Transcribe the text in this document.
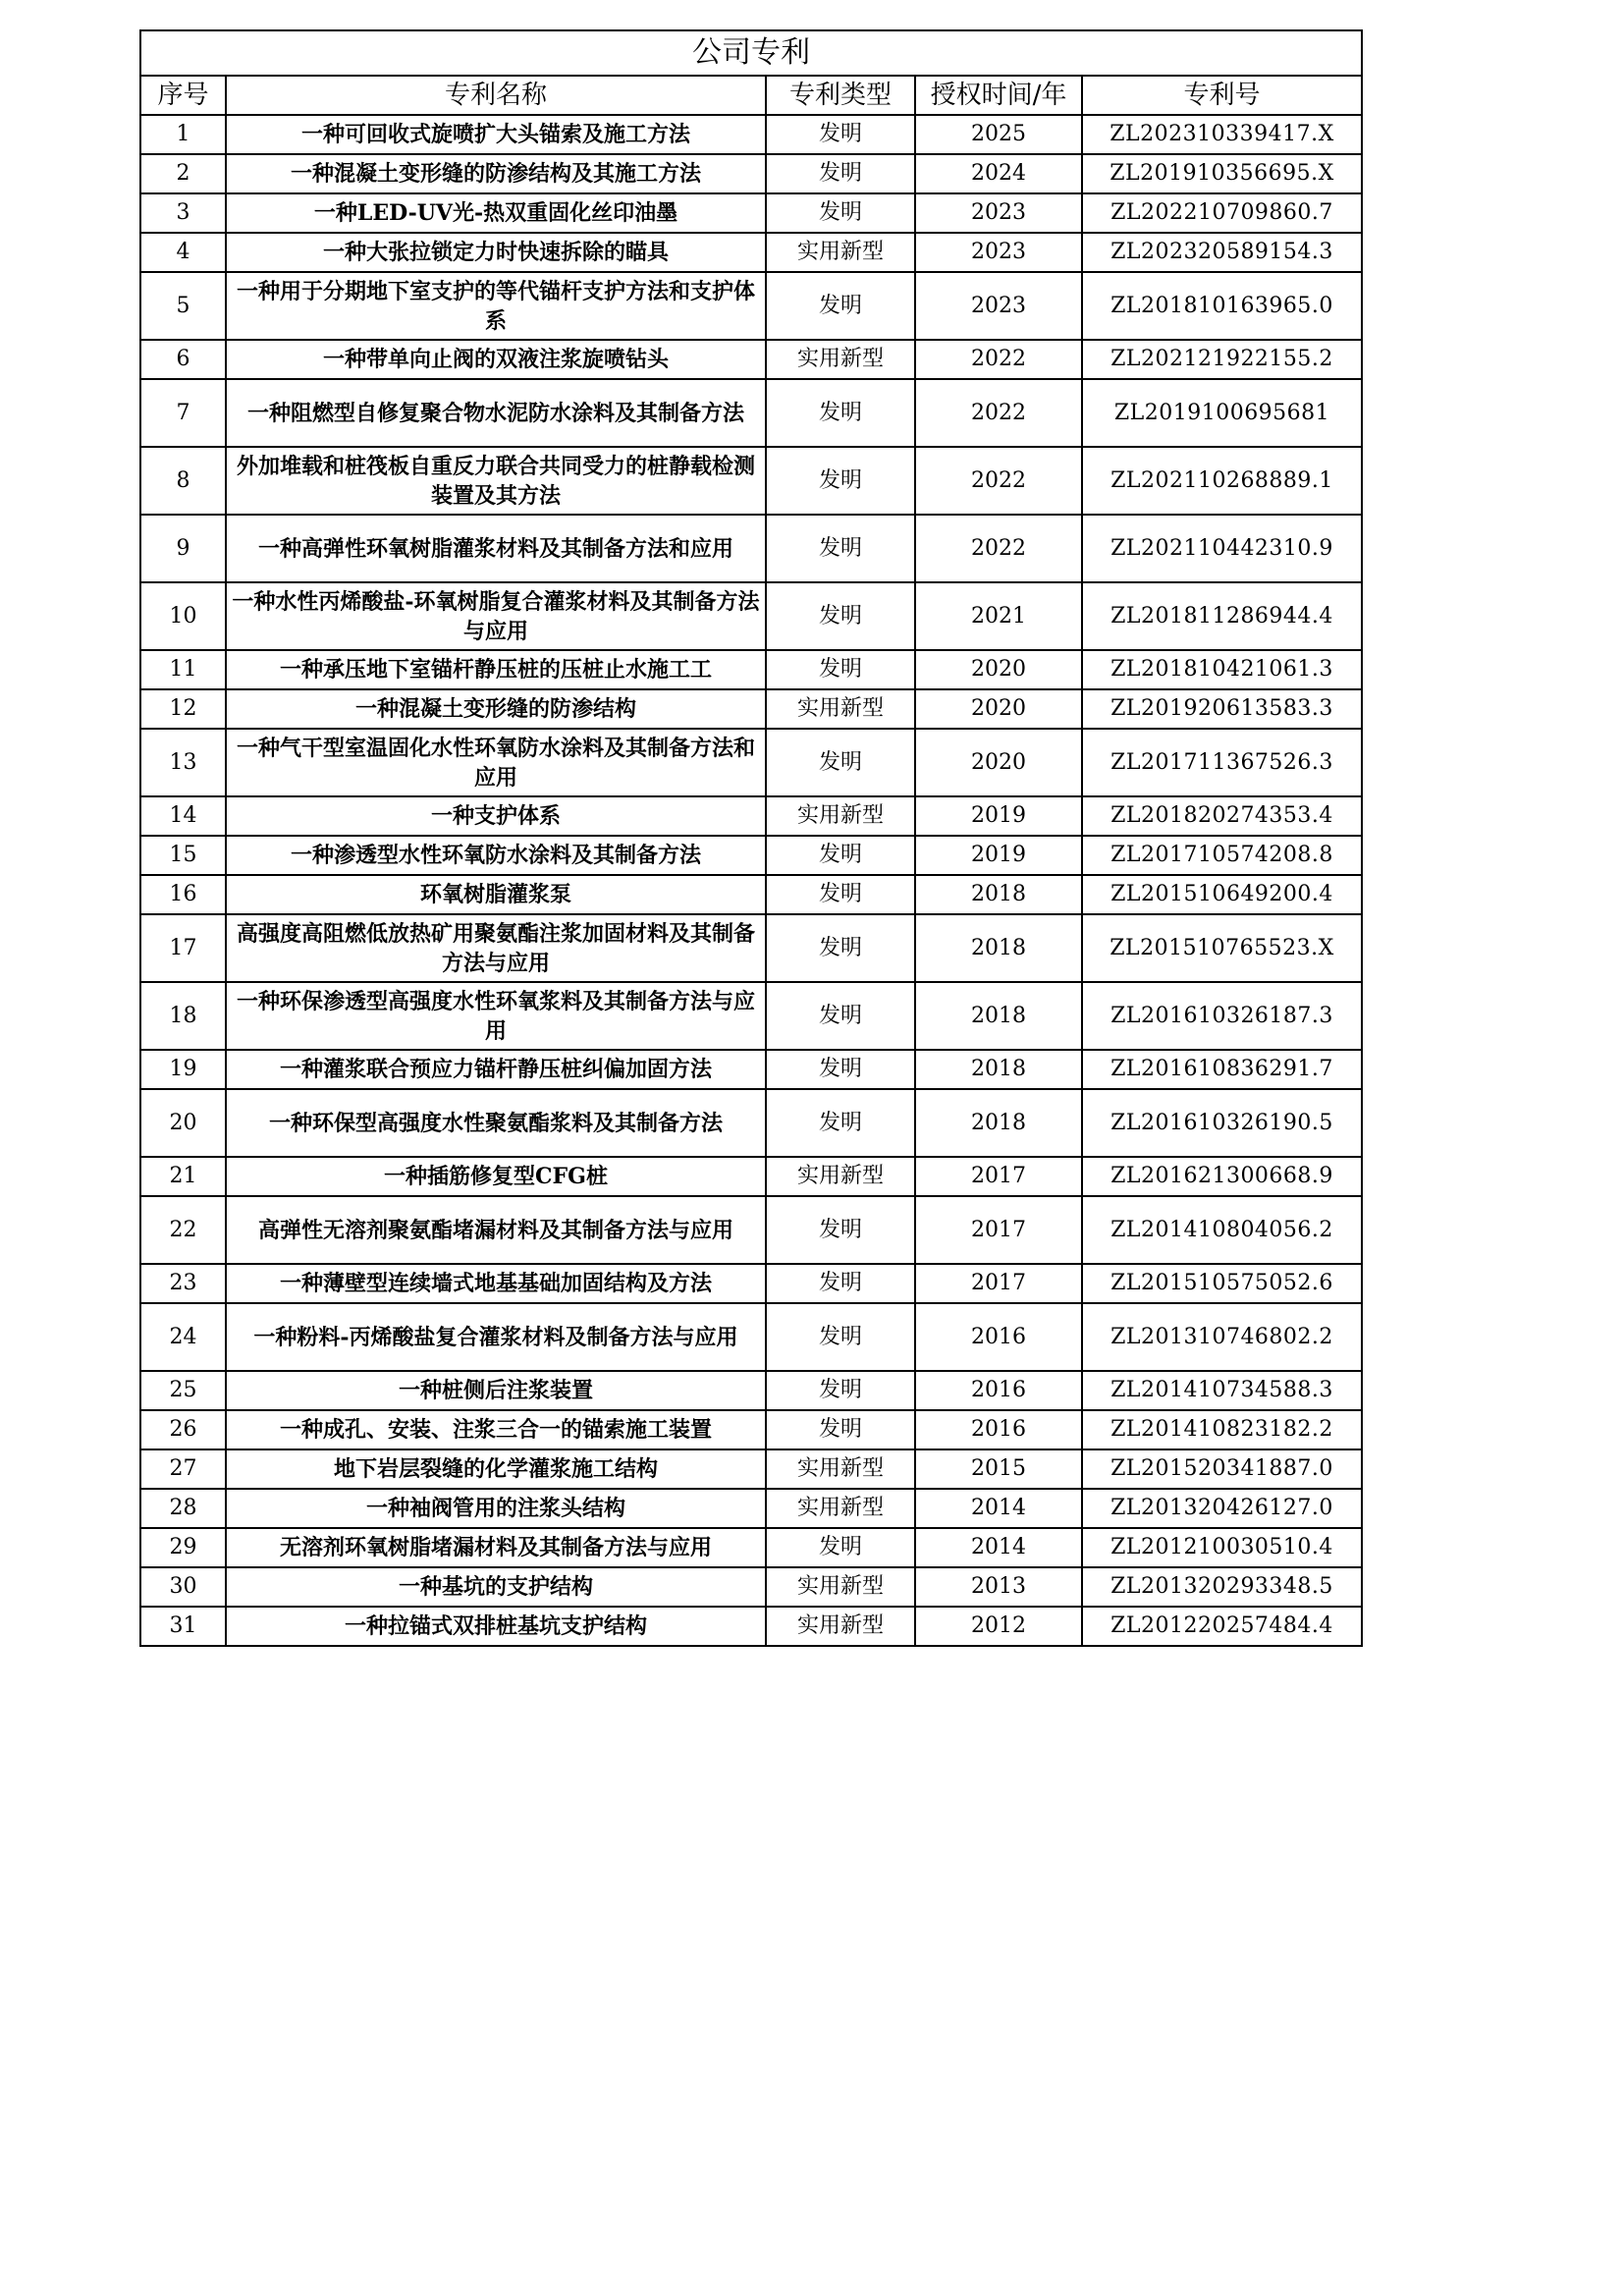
公司专利				
序号	专利名称	专利类型	授权时间/年	专利号
1	一种可回收式旋喷扩大头锚索及施工方法	发明	2025	ZL202310339417.X
2	一种混凝土变形缝的防渗结构及其施工方法	发明	2024	ZL201910356695.X
3	一种LED-UV光-热双重固化丝印油墨	发明	2023	ZL202210709860.7
4	一种大张拉锁定力时快速拆除的瞄具	实用新型	2023	ZL202320589154.3
5	一种用于分期地下室支护的等代锚杆支护方法和支护体系	发明	2023	ZL201810163965.0
6	一种带单向止阀的双液注浆旋喷钻头	实用新型	2022	ZL202121922155.2
7	一种阻燃型自修复聚合物水泥防水涂料及其制备方法	发明	2022	ZL2019100695681
8	外加堆载和桩筏板自重反力联合共同受力的桩静载检测装置及其方法	发明	2022	ZL202110268889.1
9	一种高弹性环氧树脂灌浆材料及其制备方法和应用	发明	2022	ZL202110442310.9
10	一种水性丙烯酸盐-环氧树脂复合灌浆材料及其制备方法与应用	发明	2021	ZL201811286944.4
11	一种承压地下室锚杆静压桩的压桩止水施工工	发明	2020	ZL201810421061.3
12	一种混凝土变形缝的防渗结构	实用新型	2020	ZL201920613583.3
13	一种气干型室温固化水性环氧防水涂料及其制备方法和应用	发明	2020	ZL201711367526.3
14	一种支护体系	实用新型	2019	ZL201820274353.4
15	一种渗透型水性环氧防水涂料及其制备方法	发明	2019	ZL201710574208.8
16	环氧树脂灌浆泵	发明	2018	ZL201510649200.4
17	高强度高阻燃低放热矿用聚氨酯注浆加固材料及其制备方法与应用	发明	2018	ZL201510765523.X
18	一种环保渗透型高强度水性环氧浆料及其制备方法与应用	发明	2018	ZL201610326187.3
19	一种灌浆联合预应力锚杆静压桩纠偏加固方法	发明	2018	ZL201610836291.7
20	一种环保型高强度水性聚氨酯浆料及其制备方法	发明	2018	ZL201610326190.5
21	一种插筋修复型CFG桩	实用新型	2017	ZL201621300668.9
22	高弹性无溶剂聚氨酯堵漏材料及其制备方法与应用	发明	2017	ZL201410804056.2
23	一种薄壁型连续墙式地基基础加固结构及方法	发明	2017	ZL201510575052.6
24	一种粉料-丙烯酸盐复合灌浆材料及制备方法与应用	发明	2016	ZL201310746802.2
25	一种桩侧后注浆装置	发明	2016	ZL201410734588.3
26	一种成孔、安装、注浆三合一的锚索施工装置	发明	2016	ZL201410823182.2
27	地下岩层裂缝的化学灌浆施工结构	实用新型	2015	ZL201520341887.0
28	一种袖阀管用的注浆头结构	实用新型	2014	ZL201320426127.0
29	无溶剂环氧树脂堵漏材料及其制备方法与应用	发明	2014	ZL201210030510.4
30	一种基坑的支护结构	实用新型	2013	ZL201320293348.5
31	一种拉锚式双排桩基坑支护结构	实用新型	2012	ZL201220257484.4
